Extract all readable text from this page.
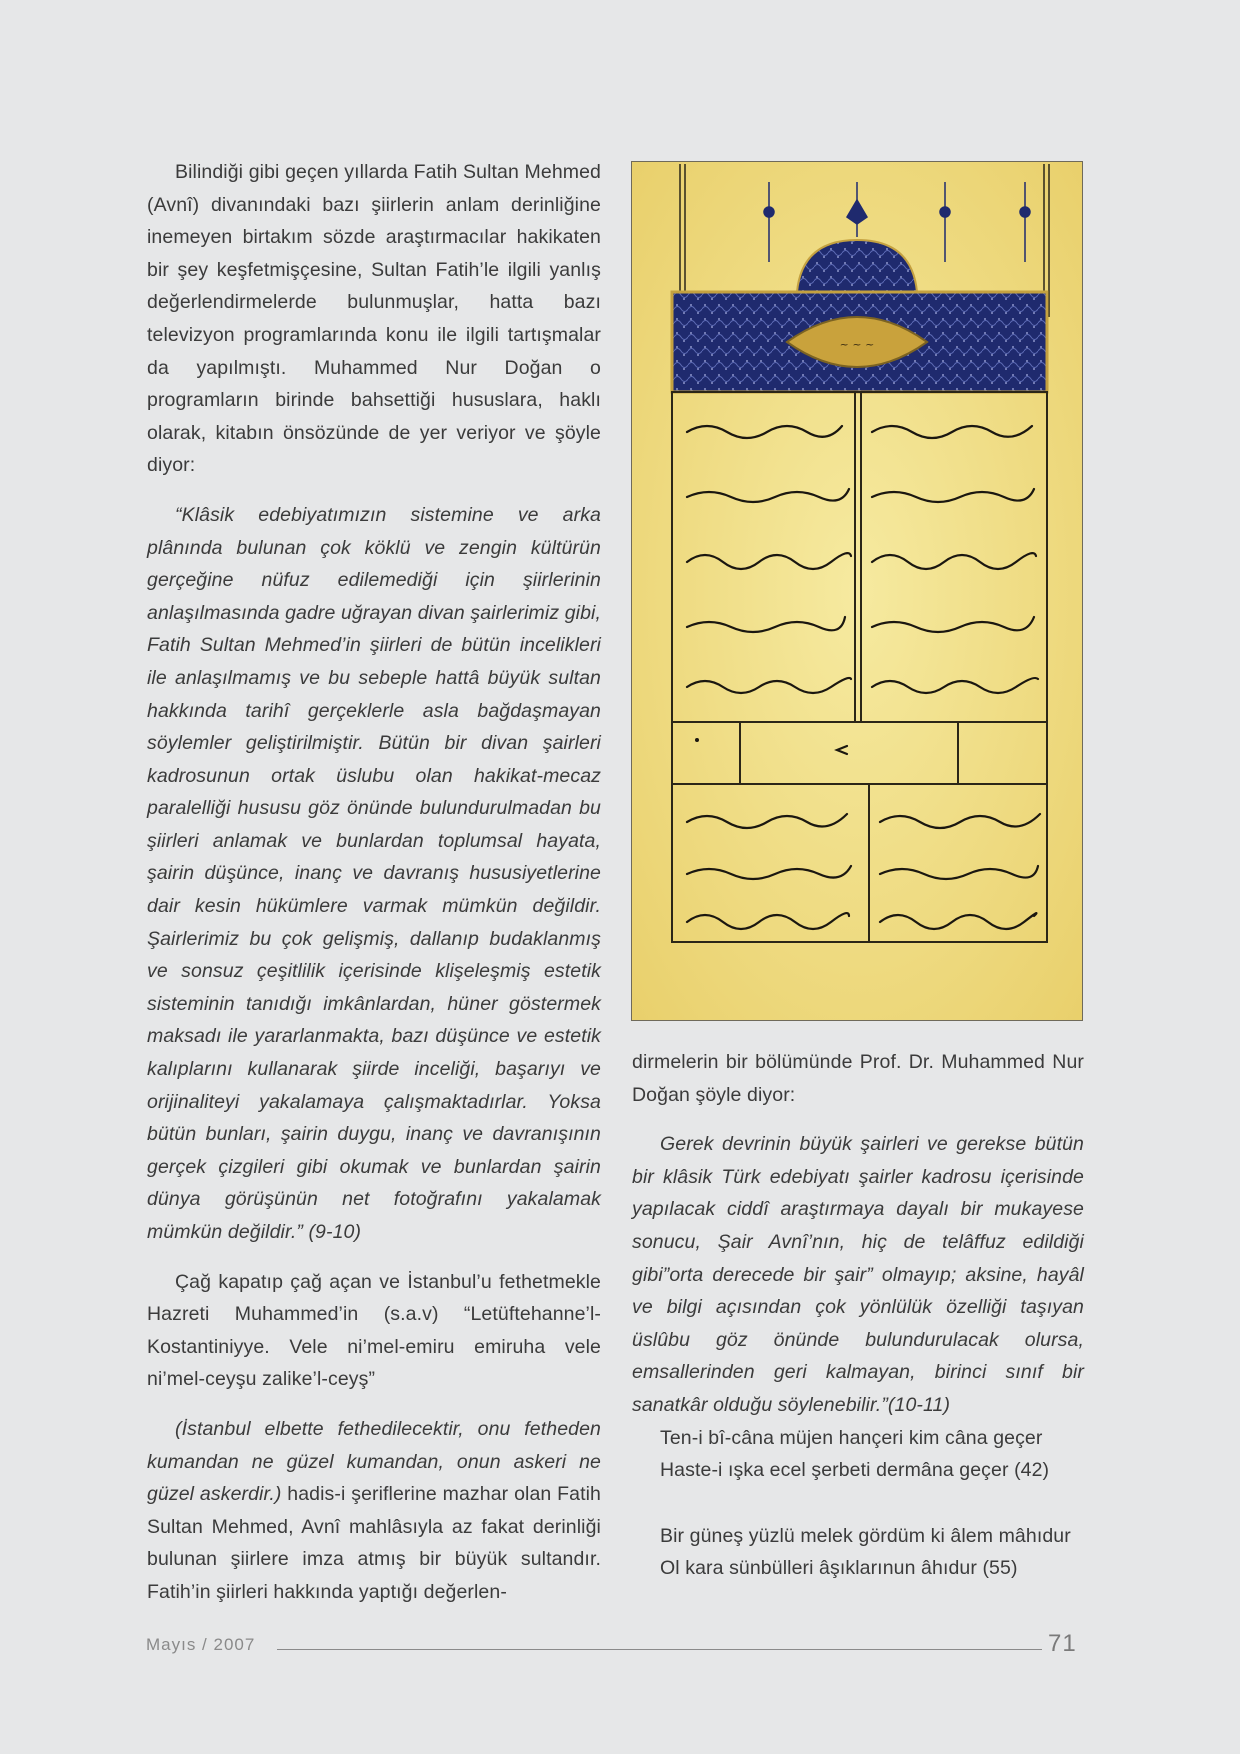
Bilindiği gibi geçen yıllarda Fatih Sultan Mehmed (Avnî) divanındaki bazı şiirlerin anlam derinliğine inemeyen birtakım sözde araştırmacılar hakikaten bir şey keşfetmişçesine, Sultan Fatih’le ilgili yanlış değerlendirmelerde bulunmuşlar, hatta bazı televizyon programlarında konu ile ilgili tartışmalar da yapılmıştı. Muhammed Nur Doğan o programların birinde bahsettiği hususlara, haklı olarak, kitabın önsözünde de yer veriyor ve şöyle diyor:

“Klâsik edebiyatımızın sistemine ve arka plânında bulunan çok köklü ve zengin kültürün gerçeğine nüfuz edilemediği için şiirlerinin anlaşılmasında gadre uğrayan divan şairlerimiz gibi, Fatih Sultan Mehmed’in şiirleri de bütün incelikleri ile anlaşılmamış ve bu sebeple hattâ büyük sultan hakkında tarihî gerçeklerle asla bağdaşmayan söylemler geliştirilmiştir. Bütün bir divan şairleri kadrosunun ortak üslubu olan hakikat-mecaz paralelliği hususu göz önünde bulundurulmadan bu şiirleri anlamak ve bunlardan toplumsal hayata, şairin düşünce, inanç ve davranış hususiyetlerine dair kesin hükümlere varmak mümkün değildir. Şairlerimiz bu çok gelişmiş, dallanıp budaklanmış ve sonsuz çeşitlilik içerisinde klişeleşmiş estetik sisteminin tanıdığı imkânlardan, hüner göstermek maksadı ile yararlanmakta, bazı düşünce ve estetik kalıplarını kullanarak şiirde inceliği, başarıyı ve orijinaliteyi yakalamaya çalışmaktadırlar. Yoksa bütün bunları, şairin duygu, inanç ve davranışının gerçek çizgileri gibi okumak ve bunlardan şairin dünya görüşünün net fotoğrafını yakalamak mümkün değildir.” (9-10)

Çağ kapatıp çağ açan ve İstanbul’u fethetmekle Hazreti Muhammed’in (s.a.v) “Letüftehanne’l-Kostantiniyye. Vele ni’mel-emiru emiruha vele ni’mel-ceyşu zalike’l-ceyş”

(İstanbul elbette fethedilecektir, onu fetheden kumandan ne güzel kumandan, onun askeri ne güzel askerdir.) hadis-i şeriflerine mazhar olan Fatih Sultan Mehmed, Avnî mahlâsıyla az fakat derinliği bulunan şiirlere imza atmış bir büyük sultandır. Fatih’in şiirleri hakkında yaptığı değerlen-

~ ~ ~

dirmelerin bir bölümünde Prof. Dr. Muhammed Nur Doğan şöyle diyor:

Gerek devrinin büyük şairleri ve gerekse bütün bir klâsik Türk edebiyatı şairler kadrosu içerisinde yapılacak ciddî araştırmaya dayalı bir mukayese sonucu, Şair Avnî’nın, hiç de telâffuz edildiği gibi”orta derecede bir şair” olmayıp; aksine, hayâl ve bilgi açısından çok yönlülük özelliği taşıyan üslûbu göz önünde bulundurulacak olursa, emsallerinden geri kalmayan, birinci sınıf bir sanatkâr olduğu söylenebilir.”(10-11)

Ten-i bî-câna müjen hançeri kim câna geçer

Haste-i ışka ecel şerbeti dermâna geçer (42)

Bir güneş yüzlü melek gördüm ki âlem mâhıdur

Ol kara sünbülleri âşıklarınun âhıdur (55)

Mayıs / 2007	71
